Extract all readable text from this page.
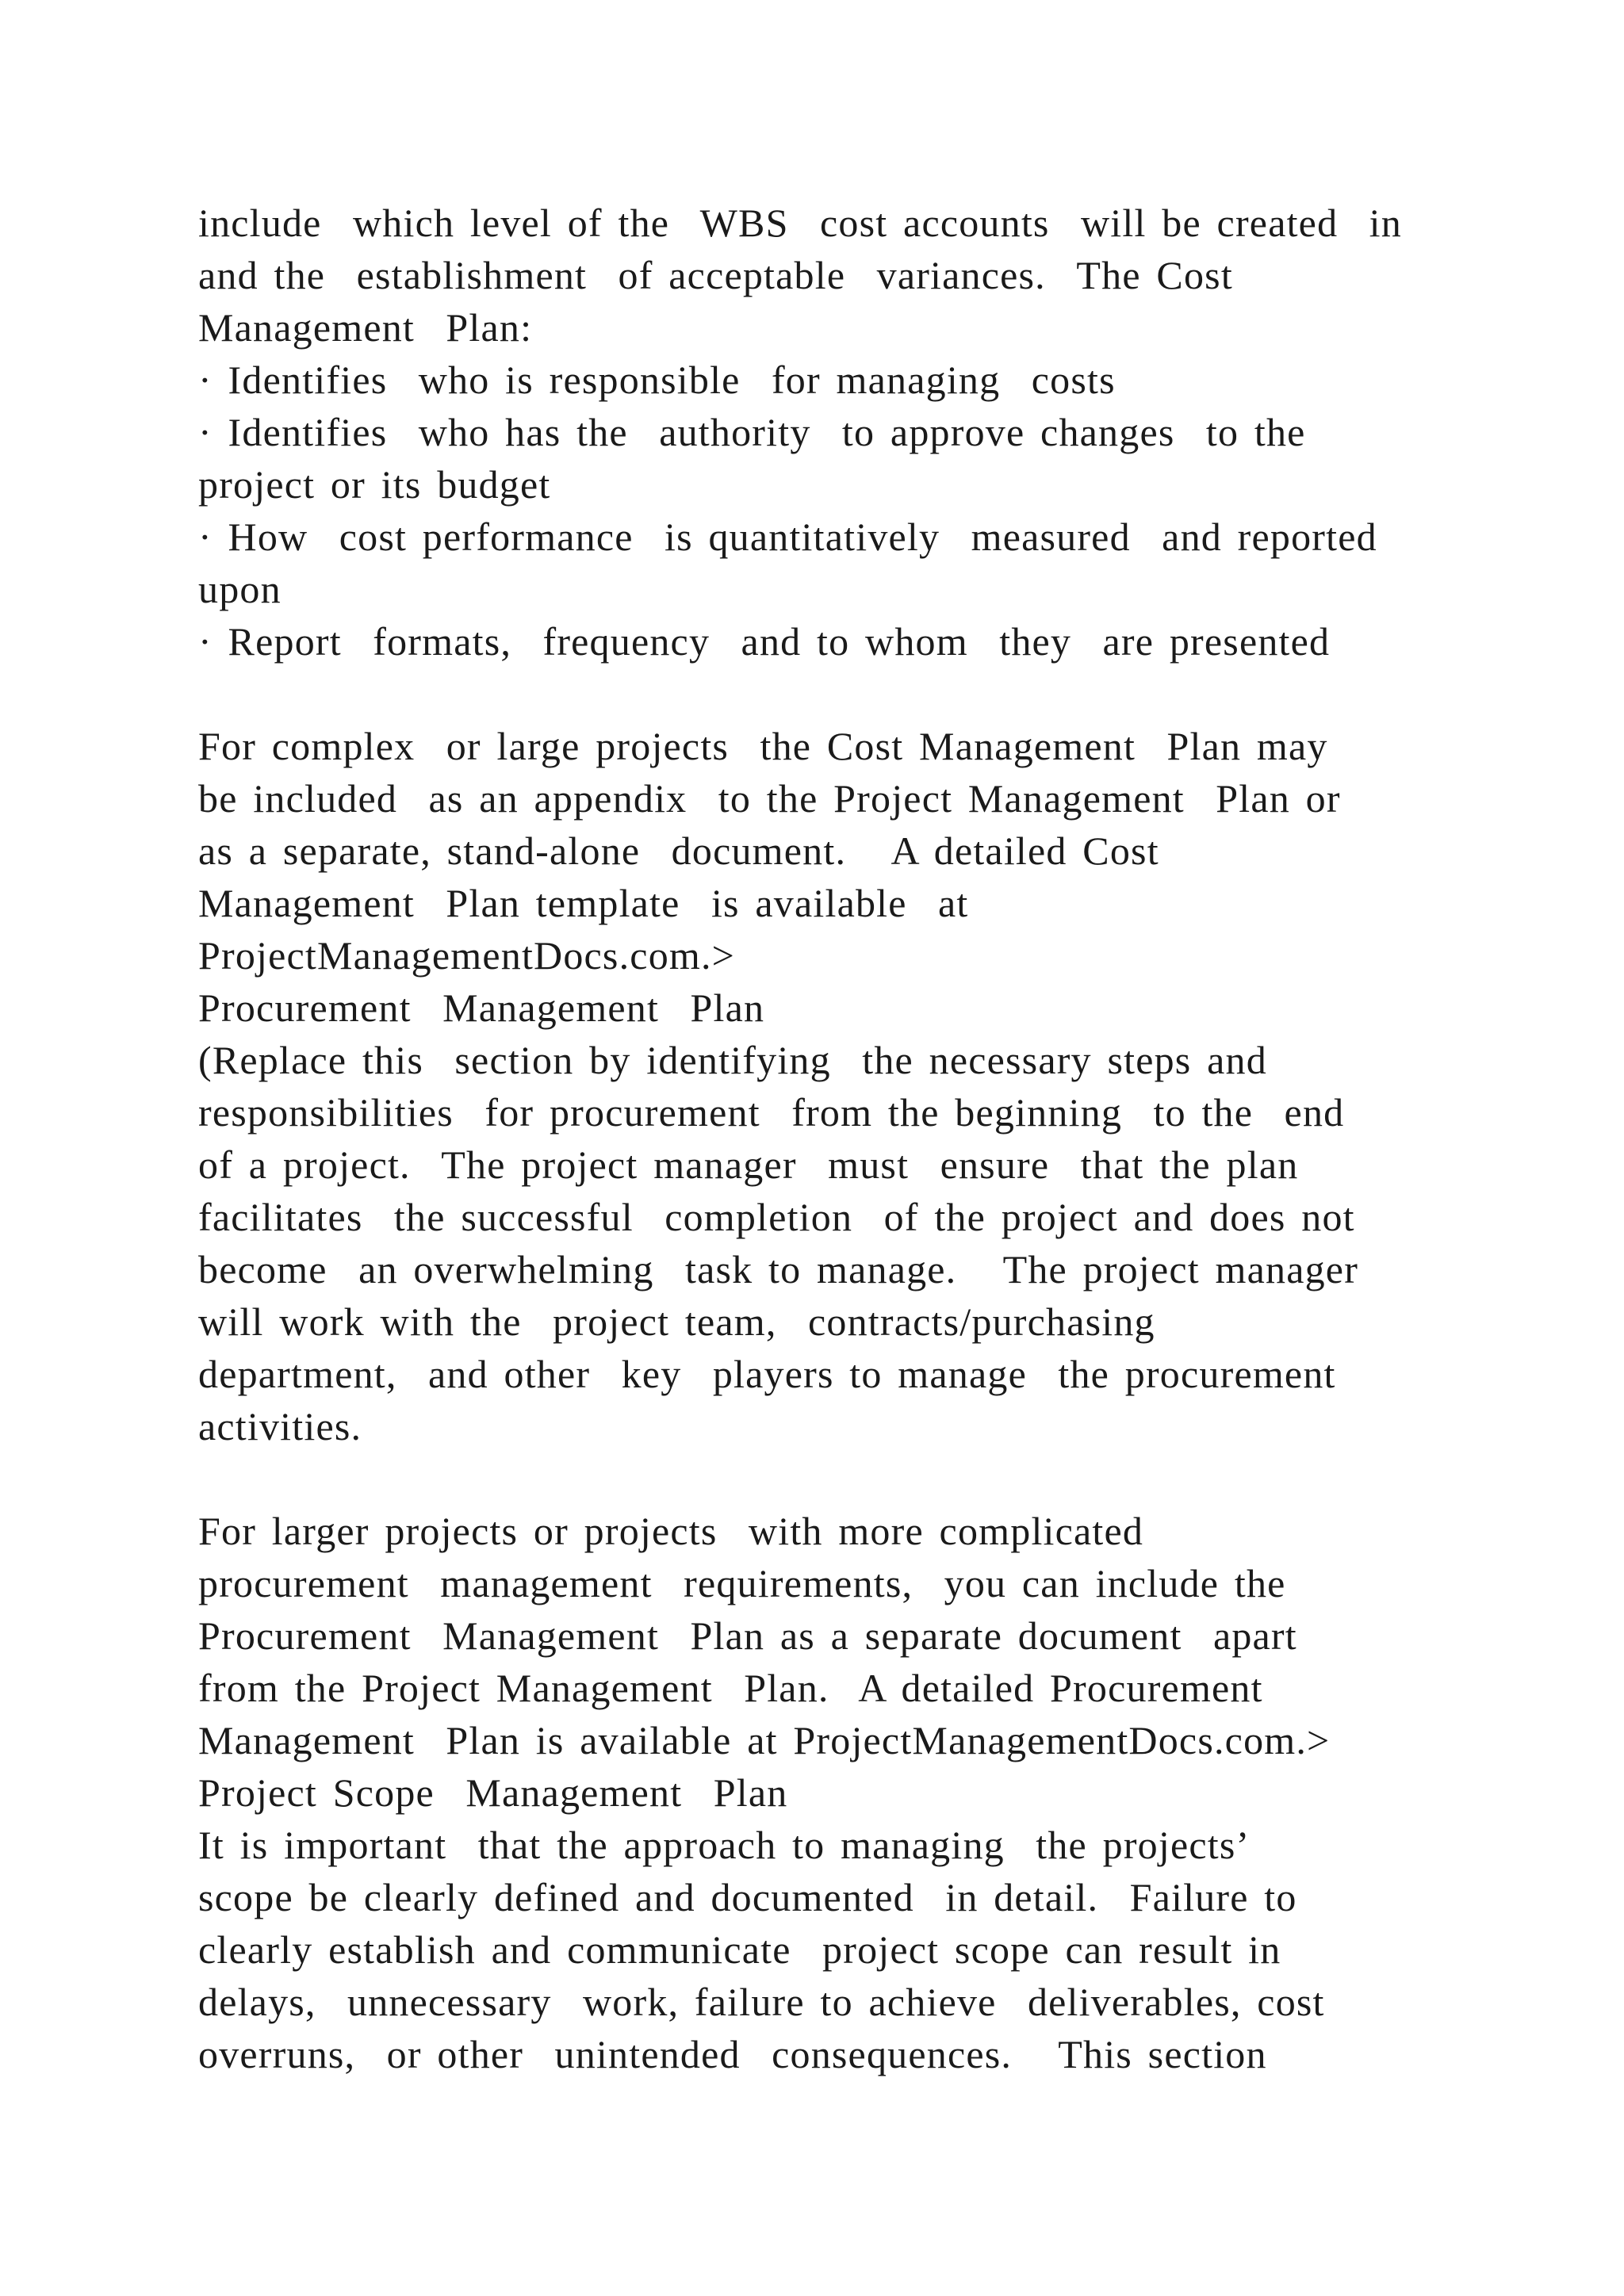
include  which level of the  WBS  cost accounts  will be created  in
and the  establishment  of acceptable  variances.  The Cost
Management  Plan:
· Identifies  who is responsible  for managing  costs
· Identifies  who has the  authority  to approve changes  to the
project or its budget
· How  cost performance  is quantitatively  measured  and reported
upon
· Report  formats,  frequency  and to whom  they  are presented
For complex  or large projects  the Cost Management  Plan may
be included  as an appendix  to the Project Management  Plan or
as a separate, stand-alone  document.   A detailed Cost
Management  Plan template  is available  at
ProjectManagementDocs.com.>
Procurement  Management  Plan
(Replace this  section by identifying  the necessary steps and
responsibilities  for procurement  from the beginning  to the  end
of a project.  The project manager  must  ensure  that the plan
facilitates  the successful  completion  of the project and does not
become  an overwhelming  task to manage.   The project manager
will work with the  project team,  contracts/purchasing
department,  and other  key  players to manage  the procurement
activities.
For larger projects or projects  with more complicated
procurement  management  requirements,  you can include the
Procurement  Management  Plan as a separate document  apart
from the Project Management  Plan.  A detailed Procurement
Management  Plan is available at ProjectManagementDocs.com.>
Project Scope  Management  Plan
It is important  that the approach to managing  the projects’
scope be clearly defined and documented  in detail.  Failure to
clearly establish and communicate  project scope can result in
delays,  unnecessary  work, failure to achieve  deliverables, cost
overruns,  or other  unintended  consequences.   This section
